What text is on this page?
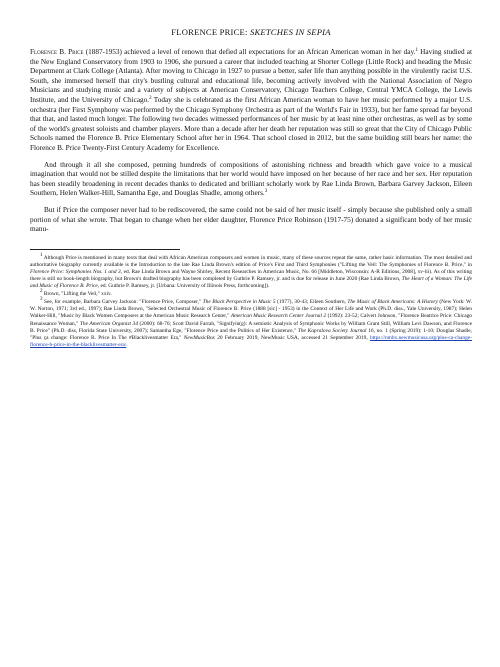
FLORENCE PRICE: SKETCHES IN SEPIA

Florence B. Price (1887-1953) achieved a level of renown that defied all expectations for an African American woman in her day.$^1$ Having studied at the New England Conservatory from 1903 to 1906, she pursued a career that included teaching at Shorter College (Little Rock) and heading the Music Department at Clark College (Atlanta). After moving to Chicago in 1927 to pursue a better, safer life than anything possible in the virulently racist U.S. South, she immersed herself that city's bustling cultural and educational life, becoming actively involved with the National Association of Negro Musicians and studying music and a variety of subjects at American Conservatory, Chicago Teachers College, Central YMCA College, the Lewis Institute, and the University of Chicago.$^2$ Today she is celebrated as the first African American woman to have her music performed by a major U.S. orchestra (her First Symphony was performed by the Chicago Symphony Orchestra as part of the World's Fair in 1933), but her fame spread far beyond that that, and lasted much longer. The following two decades witnessed performances of her music by at least nine other orchestras, as well as by some of the world's greatest soloists and chamber players. More than a decade after her death her reputation was still so great that the City of Chicago Public Schools named the Florence B. Price Elementary School after her in 1964. That school closed in 2012, but the same building still bears her name: the Florence B. Price Twenty-First Century Academy for Excellence.

And through it all she composed, penning hundreds of compositions of astonishing richness and breadth which gave voice to a musical imagination that would not be stilled despite the limitations that her world would have imposed on her because of her race and her sex. Her reputation has been steadily broadening in recent decades thanks to dedicated and brilliant scholarly work by Rae Linda Brown, Barbara Garvey Jackson, Eileen Southern, Helen Walker-Hill, Samantha Ege, and Douglas Shadle, among others.$^3$

But if Price the composer never had to be rediscovered, the same could not be said of her music itself - simply because she published only a small portion of what she wrote. That began to change when her elder daughter, Florence Price Robinson (1917-75) donated a significant body of her music manu-

$^1$ Although Price is mentioned in many texts that deal with African American composers and women in music, many of these sources repeat the same, rather basic information. The most detailed and authoritative biography currently available is the Introduction to the late Rae Linda Brown's edition of Price's First and Third Symphonies ("Lifting the Veil: The Symphonies of Florence B. Price," in Florence Price: Symphonies Nos. 1 and 3, ed. Rae Linda Brown and Wayne Shirley, Recent Researches in American Music, No. 66 [Middleton, Wisconsin: A-R Editions, 2008], xv-lii). As of this writing there is still no book-length biography, but Brown's drafted biography has been completed by Guthrie P. Ramsey, jr. and is due for release in June 2020 (Rae Linda Brown, The Heart of a Woman: The Life and Music of Florence B. Price, ed. Guthrie P. Ramsey, jr. [Urbana: University of Illinois Press, forthcoming]).

$^2$ Brown, "Lifting the Veil," xxiv.

$^3$ See, for example, Barbara Garvey Jackson: "Florence Price, Composer," The Black Perspective in Music 5 (1977), 30-43; Eileen Southern, The Music of Black Americans: A History (New York: W. W. Norton, 1971; 3rd ed., 1997); Rae Linda Brown, "Selected Orchestral Music of Florence B. Price (1888 [sic] - 1953) in the Context of Her Life and Work (Ph.D. diss., Yale University, 1987); Helen Walker-Hill, "Music by Black Women Composers at the American Music Research Center," American Music Research Center Journal 2 (1992): 23-52; Calvert Johnson, "Florence Beatrice Price: Chicago Renaissance Woman," The American Organist 34 (2000): 68-76; Scott David Farrah, "Signifyin(g): A semiotic Analysis of Symphonic Works by William Grant Still, William Levi Dawson, and Florence B. Price" (Ph.D. diss, Florida State University, 2007); Samantha Ege, "Florence Price and the Politics of Her Existence," The Kapralova Society Journal 16, no. 1 (Spring 2019): 1-10; Douglas Shadle, "Plus ça change: Florence B. Price In The #Blacklivesmatter Era," NewMusicBox 20 February 2019, NewMusic USA, accessed 21 September 2019, https://nmbx.newmusicusa.org/plus-ca-change-florence-b-price-in-the-blacklivesmatter-era/.
